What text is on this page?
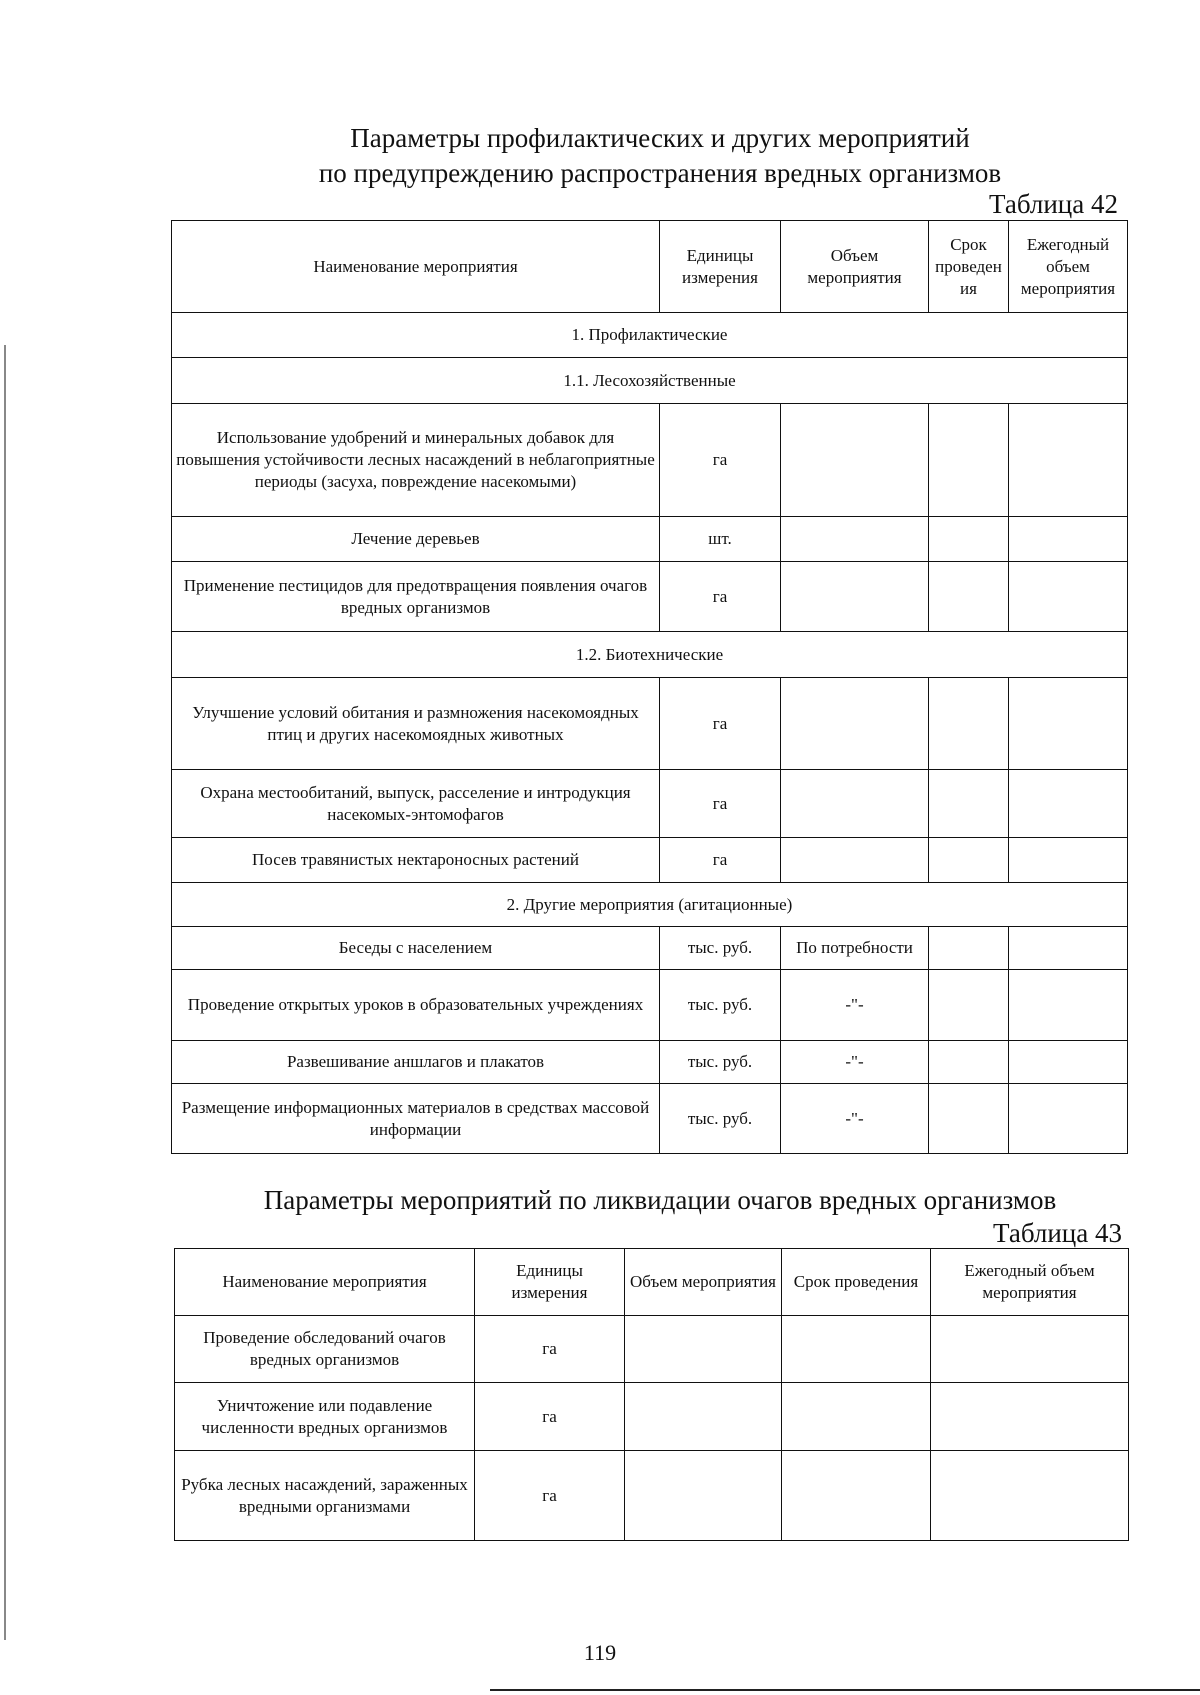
Параметры профилактических и других мероприятий
по предупреждению распространения вредных организмов
Таблица 42
Наименование мероприятия	Единицы измерения	Объем мероприятия	Срок проведен ия	Ежегодный объем мероприятия
1. Профилактические				
1.1. Лесохозяйственные				
Использование удобрений и минеральных добавок для повышения устойчивости лесных насаждений в неблагоприятные периоды (засуха, повреждение насекомыми)	га			
Лечение деревьев	шт.			
Применение пестицидов для предотвращения появления очагов вредных организмов	га			
1.2. Биотехнические				
Улучшение условий обитания и размножения насекомоядных птиц и других насекомоядных животных	га			
Охрана местообитаний, выпуск, расселение и интродукция насекомых-энтомофагов	га			
Посев травянистых нектароносных растений	га			
2. Другие мероприятия (агитационные)				
Беседы с населением	тыс. руб.	По потребности		
Проведение открытых уроков в образовательных учреждениях	тыс. руб.	-"-		
Развешивание аншлагов и плакатов	тыс. руб.	-"-		
Размещение информационных материалов в средствах массовой информации	тыс. руб.	-"-		
Параметры мероприятий по ликвидации очагов вредных организмов
Таблица 43
Наименование мероприятия	Единицы измерения	Объем мероприятия	Срок проведения	Ежегодный объем мероприятия
Проведение обследований очагов вредных организмов	га			
Уничтожение или подавление численности вредных организмов	га			
Рубка лесных насаждений, зараженных вредными организмами	га			
119
